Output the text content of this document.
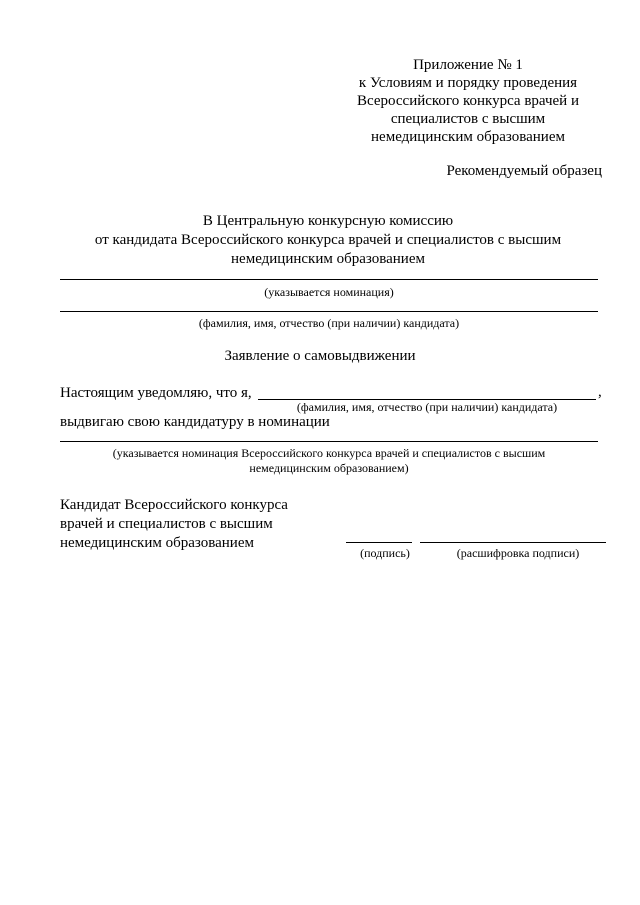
Приложение № 1
к Условиям и порядку проведения
Всероссийского конкурса врачей и
специалистов с высшим
немедицинским образованием
Рекомендуемый образец
В Центральную конкурсную комиссию
от кандидата Всероссийского конкурса врачей и специалистов с высшим
немедицинским образованием
(указывается номинация)
(фамилия, имя, отчество (при наличии) кандидата)
Заявление о самовыдвижении
Настоящим уведомляю, что я,	,
(фамилия, имя, отчество (при наличии) кандидата)
выдвигаю свою кандидатуру в номинации
(указывается номинация Всероссийского конкурса врачей и специалистов с высшим
немедицинским образованием)
Кандидат Всероссийского конкурса
врачей и специалистов с высшим
немедицинским образованием
(подпись)	(расшифровка подписи)
